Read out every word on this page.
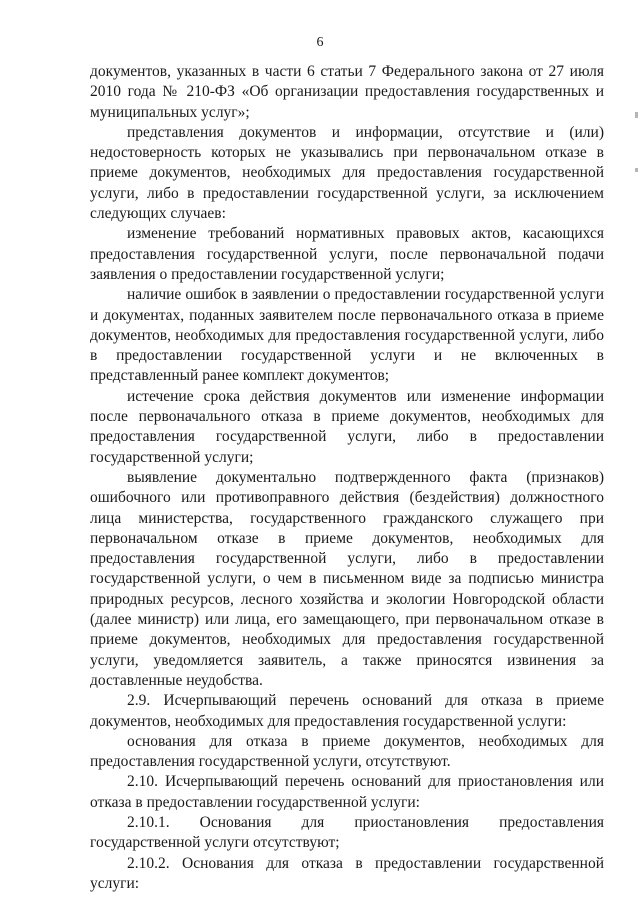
6

документов, указанных в части 6 статьи 7 Федерального закона от 27 июля 2010 года № 210-ФЗ «Об организации предоставления государственных и муниципальных услуг»;

представления документов и информации, отсутствие и (или) недостоверность которых не указывались при первоначальном отказе в приеме документов, необходимых для предоставления государственной услуги, либо в предоставлении государственной услуги, за исключением следующих случаев:

изменение требований нормативных правовых актов, касающихся предоставления государственной услуги, после первоначальной подачи заявления о предоставлении государственной услуги;

наличие ошибок в заявлении о предоставлении государственной услуги и документах, поданных заявителем после первоначального отказа в приеме документов, необходимых для предоставления государственной услуги, либо в предоставлении государственной услуги и не включенных в представленный ранее комплект документов;

истечение срока действия документов или изменение информации после первоначального отказа в приеме документов, необходимых для предоставления государственной услуги, либо в предоставлении государственной услуги;

выявление документально подтвержденного факта (признаков) ошибочного или противоправного действия (бездействия) должностного лица министерства, государственного гражданского служащего при первоначальном отказе в приеме документов, необходимых для предоставления государственной услуги, либо в предоставлении государственной услуги, о чем в письменном виде за подписью министра природных ресурсов, лесного хозяйства и экологии Новгородской области (далее министр) или лица, его замещающего, при первоначальном отказе в приеме документов, необходимых для предоставления государственной услуги, уведомляется заявитель, а также приносятся извинения за доставленные неудобства.

2.9. Исчерпывающий перечень оснований для отказа в приеме документов, необходимых для предоставления государственной услуги:

основания для отказа в приеме документов, необходимых для предоставления государственной услуги, отсутствуют.

2.10. Исчерпывающий перечень оснований для приостановления или отказа в предоставлении государственной услуги:

2.10.1. Основания для приостановления предоставления государственной услуги отсутствуют;

2.10.2. Основания для отказа в предоставлении государственной услуги:
